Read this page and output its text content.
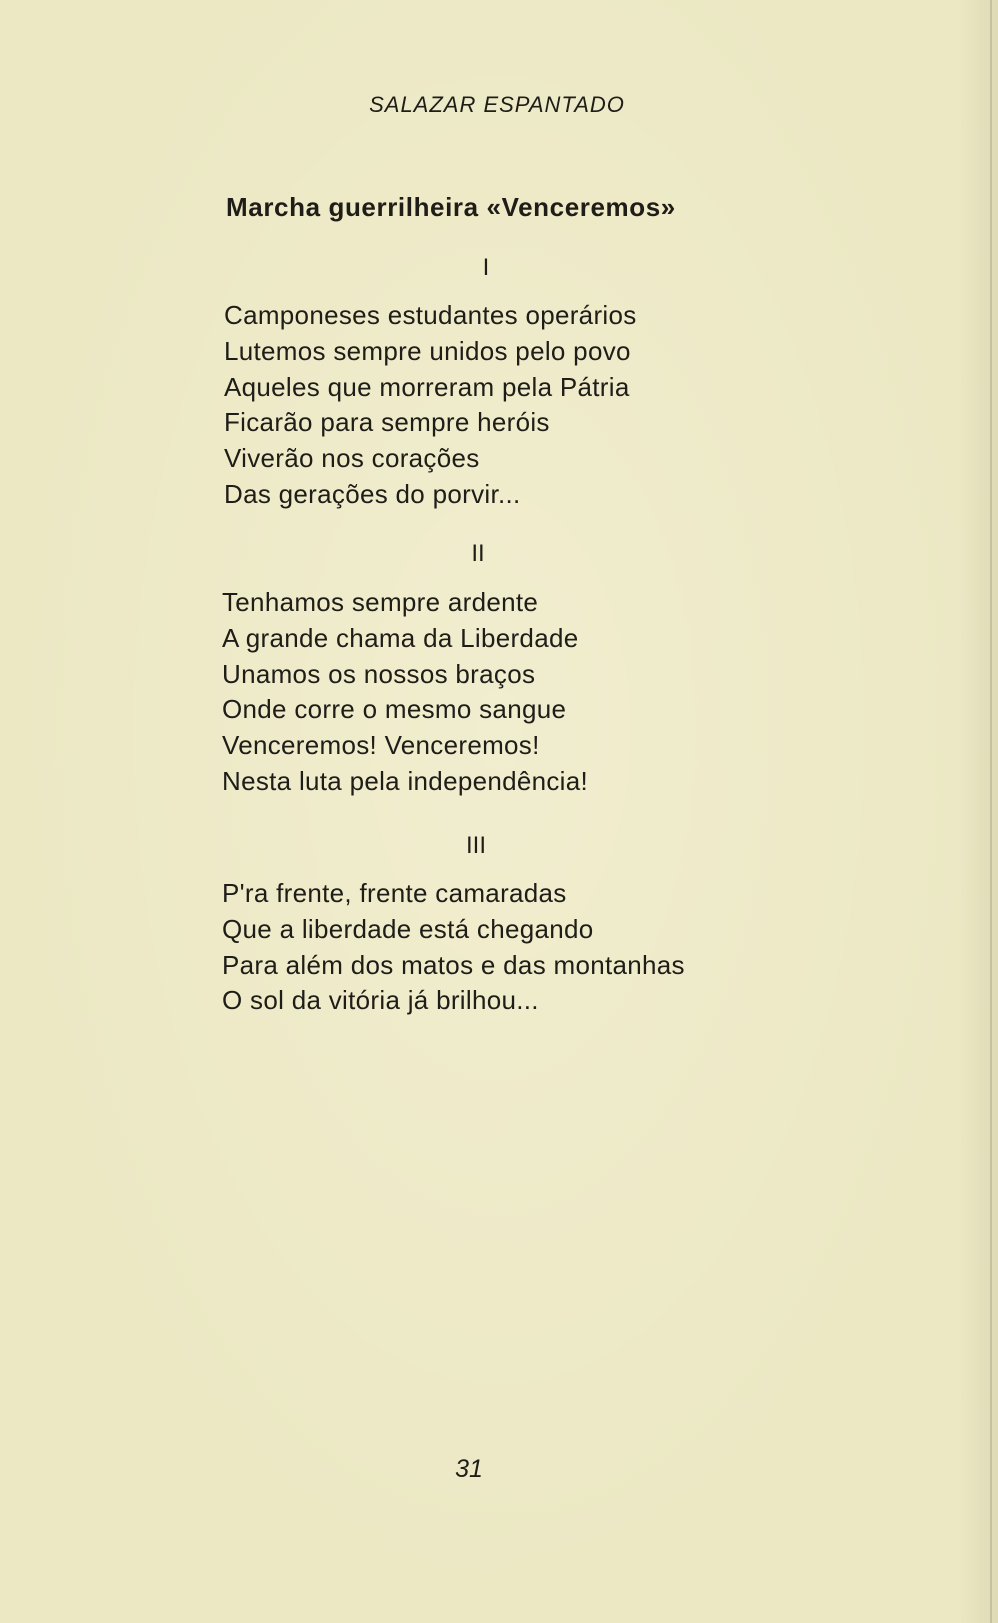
SALAZAR ESPANTADO
Marcha guerrilheira «Venceremos»
I
Camponeses estudantes operários
Lutemos sempre unidos pelo povo
Aqueles que morreram pela Pátria
Ficarão para sempre heróis
Viverão nos corações
Das gerações do porvir...
II
Tenhamos sempre ardente
A grande chama da Liberdade
Unamos os nossos braços
Onde corre o mesmo sangue
Venceremos! Venceremos!
Nesta luta pela independência!
III
P'ra frente, frente camaradas
Que a liberdade está chegando
Para além dos matos e das montanhas
O sol da vitória já brilhou...
31
